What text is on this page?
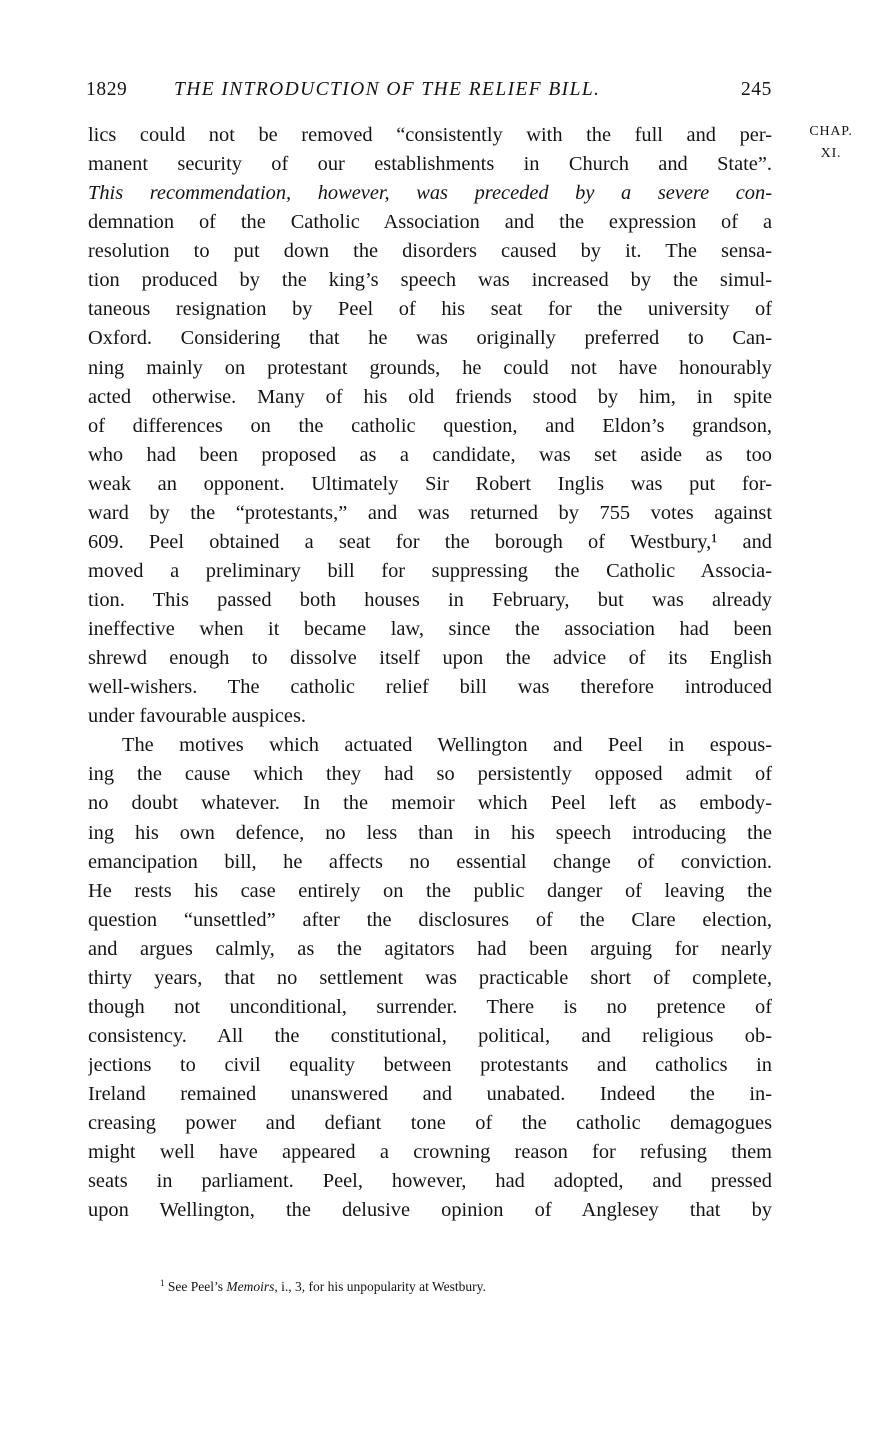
1829 THE INTRODUCTION OF THE RELIEF BILL.	245
CHAP.
XI.
lics could not be removed “consistently with the full and per-
manent security of our establishments in Church and State”.
This recommendation, however, was preceded by a severe con-
demnation of the Catholic Association and the expression of a
resolution to put down the disorders caused by it. The sensa-
tion produced by the king’s speech was increased by the simul-
taneous resignation by Peel of his seat for the university of
Oxford. Considering that he was originally preferred to Can-
ning mainly on protestant grounds, he could not have honourably
acted otherwise. Many of his old friends stood by him, in spite
of differences on the catholic question, and Eldon’s grandson,
who had been proposed as a candidate, was set aside as too
weak an opponent. Ultimately Sir Robert Inglis was put for-
ward by the “protestants,” and was returned by 755 votes against
609. Peel obtained a seat for the borough of Westbury,¹ and
moved a preliminary bill for suppressing the Catholic Associa-
tion. This passed both houses in February, but was already
ineffective when it became law, since the association had been
shrewd enough to dissolve itself upon the advice of its English
well-wishers. The catholic relief bill was therefore introduced
under favourable auspices.
The motives which actuated Wellington and Peel in espous-
ing the cause which they had so persistently opposed admit of
no doubt whatever. In the memoir which Peel left as embody-
ing his own defence, no less than in his speech introducing the
emancipation bill, he affects no essential change of conviction.
He rests his case entirely on the public danger of leaving the
question “unsettled” after the disclosures of the Clare election,
and argues calmly, as the agitators had been arguing for nearly
thirty years, that no settlement was practicable short of complete,
though not unconditional, surrender. There is no pretence of
consistency. All the constitutional, political, and religious ob-
jections to civil equality between protestants and catholics in
Ireland remained unanswered and unabated. Indeed the in-
creasing power and defiant tone of the catholic demagogues
might well have appeared a crowning reason for refusing them
seats in parliament. Peel, however, had adopted, and pressed
upon Wellington, the delusive opinion of Anglesey that by
$^1$ See Peel’s Memoirs, i., 3, for his unpopularity at Westbury.
